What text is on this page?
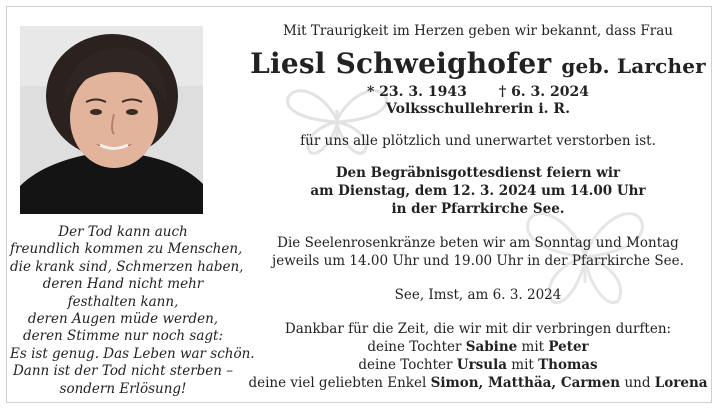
Der Tod kann auch
freundlich kommen zu Menschen,
die krank sind, Schmerzen haben,
deren Hand nicht mehr
festhalten kann,
deren Augen müde werden,
deren Stimme nur noch sagt:
Es ist genug. Das Leben war schön.
Dann ist der Tod nicht sterben –
sondern Erlösung!
Mit Traurigkeit im Herzen geben wir bekannt, dass Frau
Liesl Schweighofer geb. Larcher
* 23. 3. 1943 † 6. 3. 2024
Volksschullehrerin i. R.
für uns alle plötzlich und unerwartet verstorben ist.
Den Begräbnisgottesdienst feiern wir
am Dienstag, dem 12. 3. 2024 um 14.00 Uhr
in der Pfarrkirche See.
Die Seelenrosenkränze beten wir am Sonntag und Montag
jeweils um 14.00 Uhr und 19.00 Uhr in der Pfarrkirche See.
See, Imst, am 6. 3. 2024
Dankbar für die Zeit, die wir mit dir verbringen durften:
deine Tochter Sabine mit Peter
deine Tochter Ursula mit Thomas
deine viel geliebten Enkel Simon, Matthäa, Carmen und Lorena
